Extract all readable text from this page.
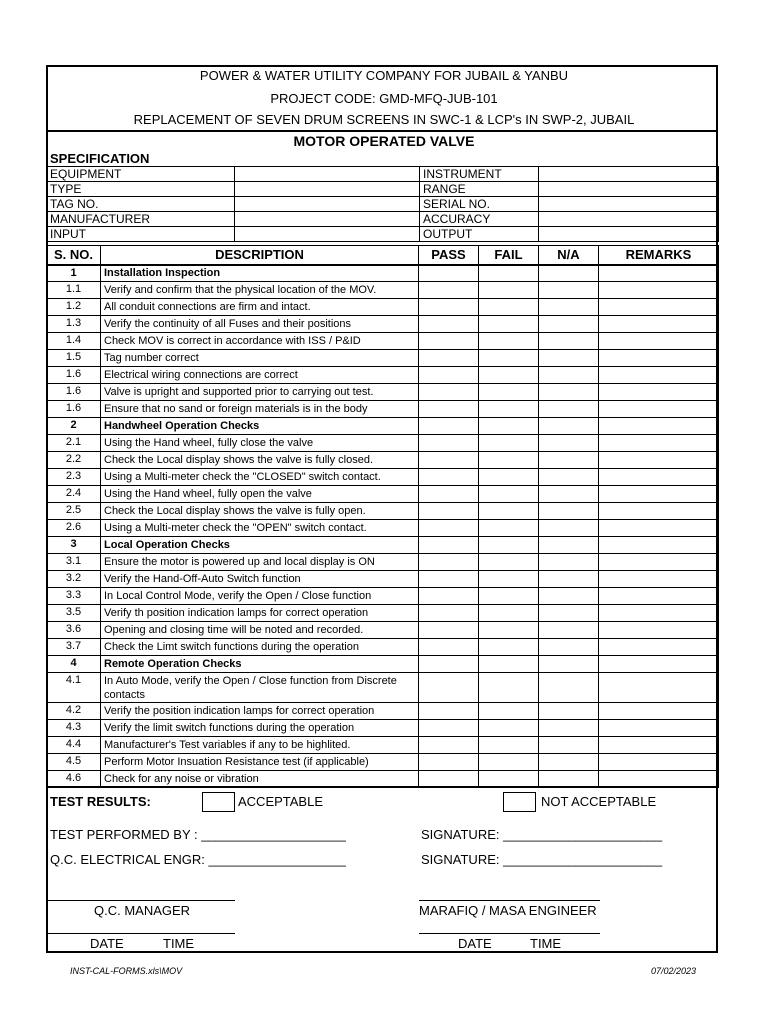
POWER & WATER UTILITY COMPANY FOR JUBAIL & YANBU
PROJECT CODE: GMD-MFQ-JUB-101
REPLACEMENT OF SEVEN DRUM SCREENS IN SWC-1 & LCP's IN SWP-2, JUBAIL
MOTOR OPERATED VALVE
SPECIFICATION
EQUIPMENT		INSTRUMENT	
TYPE		RANGE	
TAG NO.		SERIAL NO.	
MANUFACTURER		ACCURACY	
INPUT		OUTPUT	
S. NO.	DESCRIPTION	PASS	FAIL	N/A	REMARKS
1	Installation Inspection				
1.1	Verify and confirm that the physical location of the MOV.				
1.2	All conduit connections are firm and intact.				
1.3	Verify the continuity of all Fuses and their positions				
1.4	Check MOV is correct in accordance with ISS / P&ID				
1.5	Tag number correct				
1.6	Electrical wiring connections are correct				
1.6	Valve is upright and supported prior to carrying out test.				
1.6	Ensure that no sand or foreign materials is in the body				
2	Handwheel Operation Checks				
2.1	Using the Hand wheel, fully close the valve				
2.2	Check the Local display shows the valve is fully closed.				
2.3	Using a Multi-meter check the "CLOSED" switch contact.				
2.4	Using the Hand wheel, fully open the valve				
2.5	Check the Local display shows the valve is fully open.				
2.6	Using a Multi-meter check the "OPEN" switch contact.				
3	Local Operation Checks				
3.1	Ensure the motor is powered up and local display is ON				
3.2	Verify the Hand-Off-Auto Switch function				
3.3	In Local Control Mode, verify the Open / Close function				
3.5	Verify th position indication lamps for correct operation				
3.6	Opening and closing time will be noted and recorded.				
3.7	Check the Limt switch functions during the operation				
4	Remote Operation Checks				
4.1	In Auto Mode, verify the Open / Close function from Discrete contacts				
4.2	Verify the position indication lamps for correct operation				
4.3	Verify the limit switch functions during the operation				
4.4	Manufacturer's Test variables if any to be highlited.				
4.5	Perform Motor Insuation Resistance test (if applicable)				
4.6	Check for any noise or vibration				
TEST RESULTS:	ACCEPTABLE	NOT ACCEPTABLE
TEST PERFORMED BY : ____________________	SIGNATURE: ______________________
Q.C. ELECTRICAL ENGR: ___________________	SIGNATURE: ______________________
Q.C. MANAGER	MARAFIQ / MASA ENGINEER
DATE	TIME	DATE	TIME
INST-CAL-FORMS.xls\MOV	07/02/2023
